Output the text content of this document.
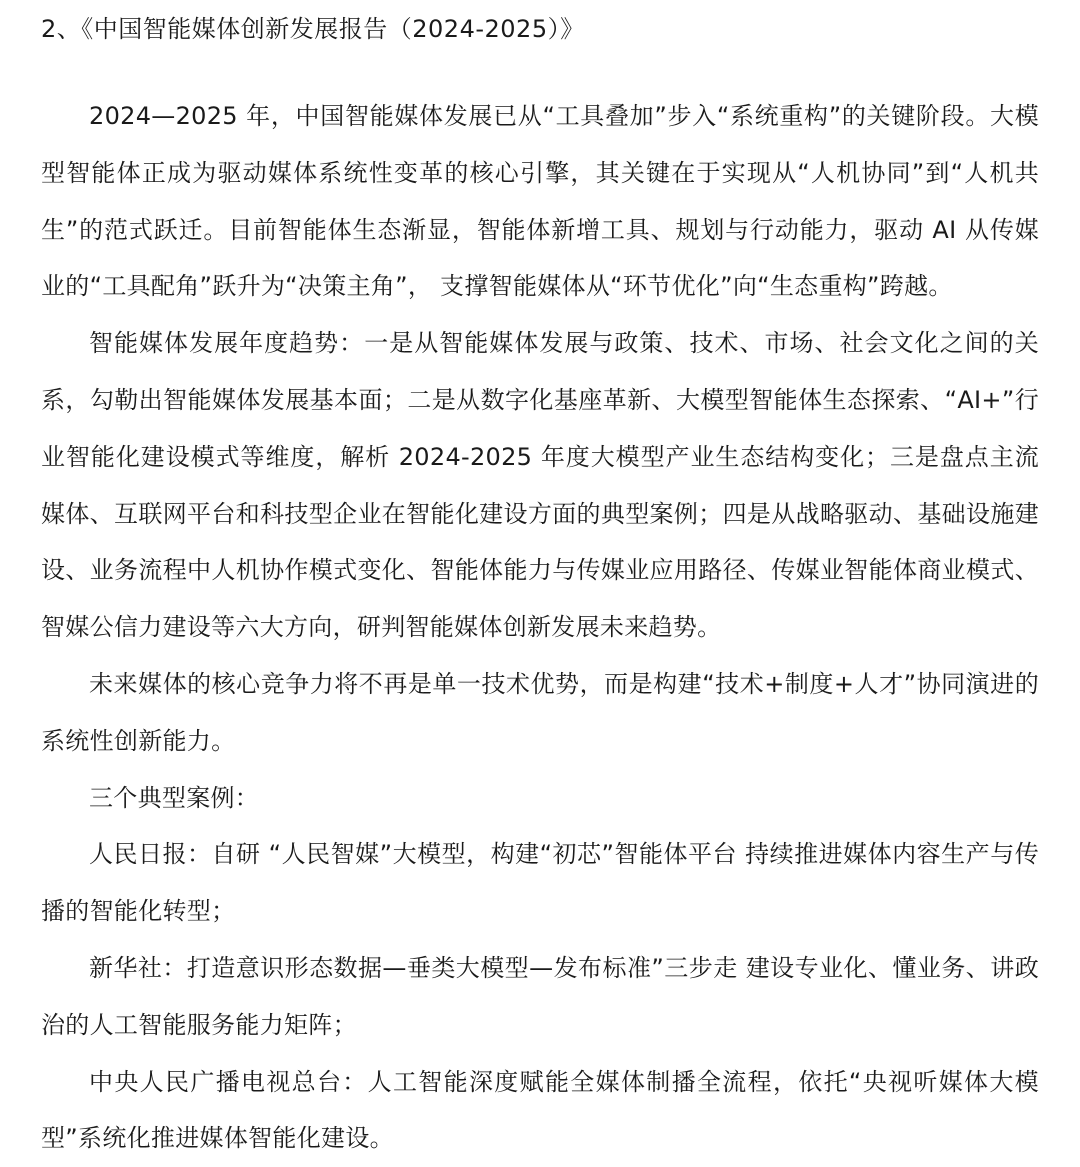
2、《中国智能媒体创新发展报告（2024-2025）》

2024—2025 年，中国智能媒体发展已从“工具叠加”步入“系统重构”的关键阶段。大模型智能体正成为驱动媒体系统性变革的核心引擎，其关键在于实现从“人机协同”到“人机共生”的范式跃迁。目前智能体生态渐显，智能体新增工具、规划与行动能力，驱动 AI 从传媒业的“工具配角”跃升为“决策主角”， 支撑智能媒体从“环节优化”向“生态重构”跨越。

智能媒体发展年度趋势：一是从智能媒体发展与政策、技术、市场、社会文化之间的关系，勾勒出智能媒体发展基本面；二是从数字化基座革新、大模型智能体生态探索、“AI+”行业智能化建设模式等维度，解析 2024-2025 年度大模型产业生态结构变化；三是盘点主流媒体、互联网平台和科技型企业在智能化建设方面的典型案例；四是从战略驱动、基础设施建设、业务流程中人机协作模式变化、智能体能力与传媒业应用路径、传媒业智能体商业模式、智媒公信力建设等六大方向，研判智能媒体创新发展未来趋势。

未来媒体的核心竞争力将不再是单一技术优势，而是构建“技术+制度+人才”协同演进的系统性创新能力。

三个典型案例：

人民日报：自研 “人民智媒”大模型，构建“初芯”智能体平台 持续推进媒体内容生产与传播的智能化转型；

新华社：打造意识形态数据—垂类大模型—发布标准”三步走 建设专业化、懂业务、讲政治的人工智能服务能力矩阵；

中央人民广播电视总台：人工智能深度赋能全媒体制播全流程，依托“央视听媒体大模型”系统化推进媒体智能化建设。
